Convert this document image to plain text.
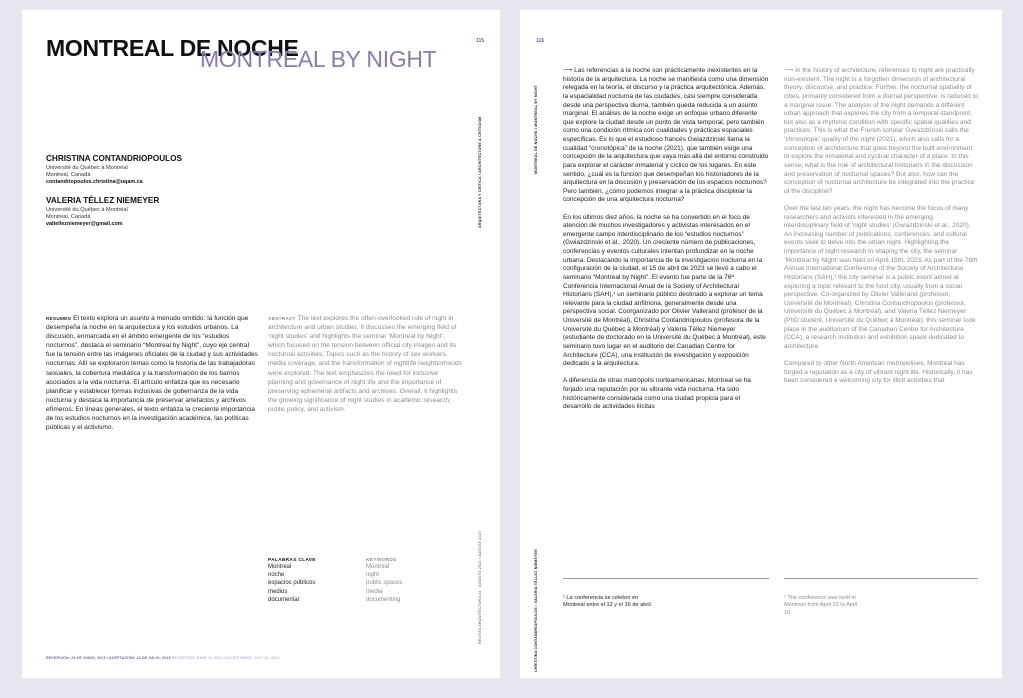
MONTREAL DE NOCHE
MONTREAL BY NIGHT
115
ARQUITECTURA Y CRÍTICA / ARCHITECTURE & CRITICISM
REVISTA ARQUITECTURA 34 · AGOSTO 2023 / AUGUST 2023
CHRISTINA CONTANDRIOPOULOS
Université du Québec à Montréal
Montreal, Canadá
contandriopoulos.christina@uqam.ca
VALERIA TÉLLEZ NIEMEYER
Université du Québec à Montréal
Montreal, Canadá
valtellezniemeyer@gmail.com
RESUMEN El texto explora un asunto a menudo omitido: la función que desempeña la noche en la arquitectura y los estudios urbanos. La discusión, enmarcada en el ámbito emergente de los “estudios nocturnos”, destaca el seminario “Montreal by Night”, cuyo eje central fue la tensión entre las imágenes oficiales de la ciudad y sus actividades nocturnas. Allí se exploraron temas como la historia de las trabajadoras sexuales, la cobertura mediática y la transformación de los barrios asociados a la vida nocturna. El artículo enfatiza que es necesario planificar y establecer formas inclusivas de gobernanza de la vida nocturna y destaca la importancia de preservar artefactos y archivos efímeros. En líneas generales, el texto enfatiza la creciente importancia de los estudios nocturnos en la investigación académica, las políticas públicas y el activismo.
ABSTRACT The text explores the often-overlooked role of night in architecture and urban studies. It discusses the emerging field of ‘night studies’ and highlights the seminar ‘Montreal by Night’, which focused on the tension between official city images and its nocturnal activities. Topics such as the history of sex workers, media coverage, and the transformation of nightlife neighborhoods were explored. The text emphasizes the need for inclusive planning and governance of night life and the importance of preserving ephemeral artifacts and archives. Overall, it highlights the growing significance of night studies in academic research, public policy, and activism.
PALABRAS CLAVE
Montreal
noche
espacios públicos
medios
documentar
KEYWORDS
Montreal
night
public spaces
media
documenting
RECEPCIÓN: 24 DE JUNIO, 2023 / ACEPTACIÓN: 24 DE JULIO, 2023 RECEPTION: JUNE 24, 2023 / ACCEPTANCE: JULY 24, 2023
116
MONTREAL DE NOCHE / MONTREAL BY NIGHT
CHRISTINA CONTANDRIOPOULOS • VALERIA TÉLLEZ NIEMEYER

⟶ Las referencias a la noche son prácticamente inexistentes en la historia de la arquitectura. La noche se manifiesta como una dimensión relegada en la teoría, el discurso y la práctica arquitectónica. Además, la espacialidad nocturna de las ciudades, casi siempre considerada desde una perspectiva diurna, también queda reducida a un asunto marginal. El análisis de la noche exige un enfoque urbano diferente que explore la ciudad desde un punto de vista temporal, pero también como una condición rítmica con cualidades y prácticas espaciales específicas. Es lo que el estudioso francés Gwiazdzinski llama la cualidad “cronotópica” de la noche (2021), que también exige una concepción de la arquitectura que vaya más allá del entorno construido para explorar el carácter inmaterial y cíclico de los lugares. En este sentido, ¿cuál es la función que desempeñan los historiadores de la arquitectura en la discusión y preservación de los espacios nocturnos? Pero también, ¿cómo podemos integrar a la práctica disciplinar la concepción de una arquitectura nocturna?

En los últimos diez años, la noche se ha convertido en el foco de atención de muchos investigadores y activistas interesados en el emergente campo interdisciplinario de los “estudios nocturnos” (Gwiazdzinski et al., 2020). Un creciente número de publicaciones, conferencias y eventos culturales intentan profundizar en la noche urbana. Destacando la importancia de la investigación nocturna en la configuración de la ciudad, el 15 de abril de 2023 se llevó a cabo el seminario “Montreal by Night”. El evento fue parte de la 76ª Conferencia Internacional Anual de la Society of Architectural Historians (SAH),¹ un seminario público destinado a explorar un tema relevante para la ciudad anfitriona, generalmente desde una perspectiva social. Coorganizado por Olivier Vallerand (profesor de la Université de Montréal), Christina Contandriopoulos (profesora de la Université du Québec à Montréal) y Valeria Téllez Niemeyer (estudiante de doctorado en la Université du Québec à Montréal), este seminario tuvo lugar en el auditorio del Canadian Centre for Architecture (CCA), una institución de investigación y exposición dedicado a la arquitectura.

A diferencia de otras metrópolis norteamericanas, Montreal se ha forjado una reputación por su vibrante vida nocturna. Ha sido históricamente considerada como una ciudad propicia para el desarrollo de actividades ilícitas

⟶ In the history of architecture, references to night are practically non-existent. The night is a forgotten dimension of architectural theory, discourse, and practice. Further, the nocturnal spatiality of cities, primarily considered from a diurnal perspective, is reduced to a marginal issue. The analysis of the night demands a different urban approach that explores the city from a temporal standpoint, but also as a rhythmic condition with specific spatial qualities and practices. This is what the French scholar Gwiazdzinski calls the ‘chronotopic’ quality of the night (2021), which also calls for a conception of architecture that goes beyond the built environment to explore the inmaterial and cyclical character of a place. In this sense, what is the role of architectural historians in the discussion and preservation of nocturnal spaces? But also, how can the conception of nocturnal architecture be integrated into the practice of the discipline?

Over the last ten years, the night has become the focus of many researchers and activists interested in the emerging interdisciplinary field of ‘night studies’ (Gwiazdzinski et al., 2020). An increasing number of publications, conferences, and cultural events seek to delve into the urban night. Highlighting the importance of night research in shaping the city, the seminar ‘Montreal by Night’ was held on April 15th, 2023. As part of the 76th Annual International Conference of the Society of Architectural Historians (SAH),¹ the city seminar is a public event aimed at exploring a topic relevant to the host city, usually from a social perspective. Co-organized by Olivier Vallerand (professor, Université de Montréal), Christina Contandriopoulos (professor, Université du Québec à Montréal), and Valeria Téllez Niemeyer (PhD student, Université du Québec à Montréal), this seminar took place in the auditorium of the Canadian Centre for Architecture (CCA), a research institution and exhibition space dedicated to architecture.

Compared to other North American metropolises, Montreal has forged a reputation as a city of vibrant night life. Historically, it has been considered a welcoming city for illicit activities that

¹ La conferencia se celebró en Montreal entre el 12 y el 16 de abril.
¹ The conference was held in Montreal from April 12 to April 16.
